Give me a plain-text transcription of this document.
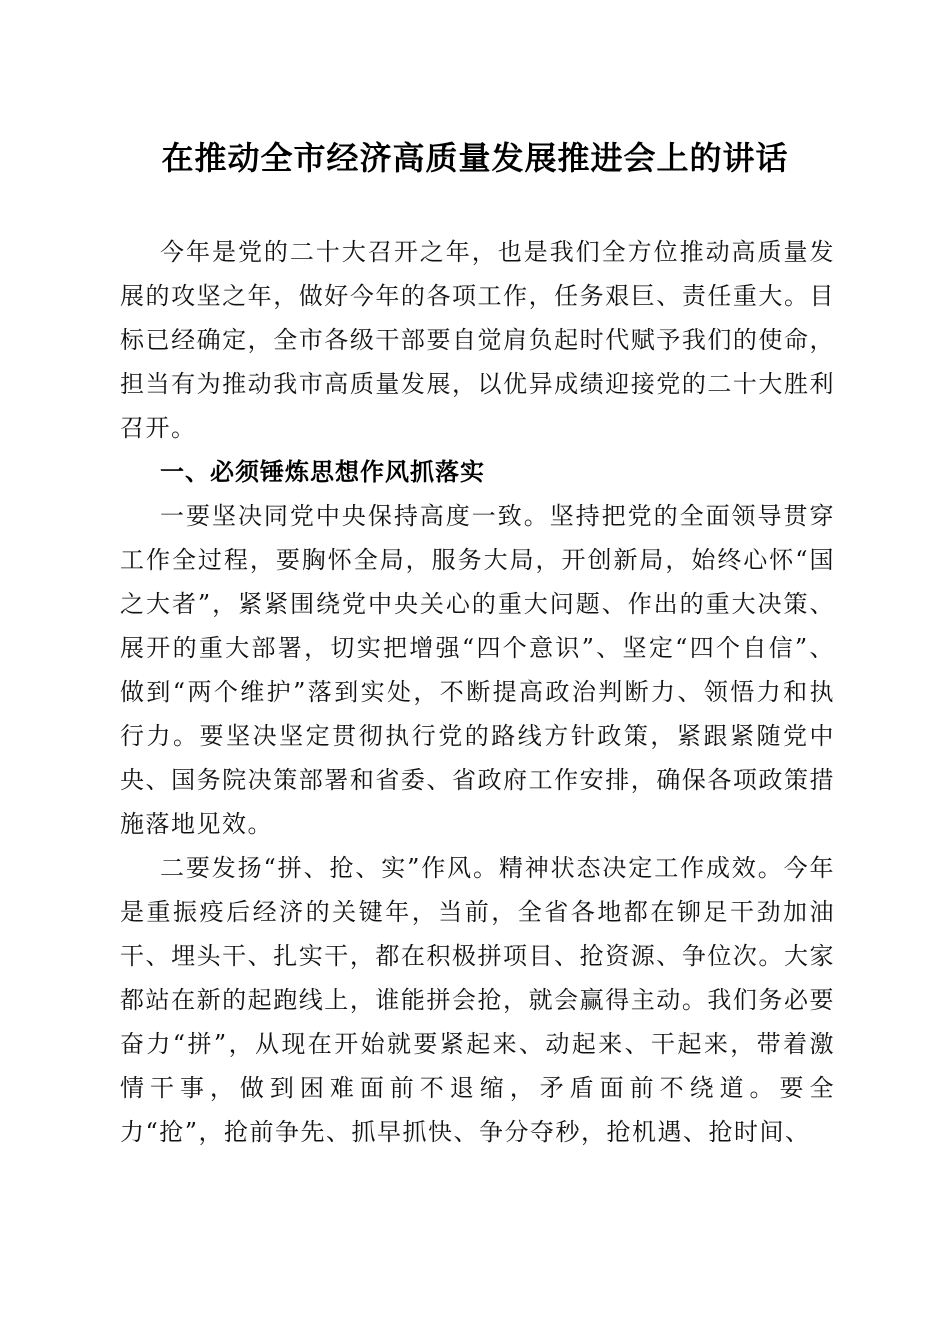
在推动全市经济高质量发展推进会上的讲话

今年是党的二十大召开之年，也是我们全方位推动高质量发展的攻坚之年，做好今年的各项工作，任务艰巨、责任重大。目标已经确定，全市各级干部要自觉肩负起时代赋予我们的使命，担当有为推动我市高质量发展，以优异成绩迎接党的二十大胜利召开。

一、必须锤炼思想作风抓落实

一要坚决同党中央保持高度一致。坚持把党的全面领导贯穿工作全过程，要胸怀全局，服务大局，开创新局，始终心怀“国之大者”，紧紧围绕党中央关心的重大问题、作出的重大决策、展开的重大部署，切实把增强“四个意识”、坚定“四个自信”、做到“两个维护”落到实处，不断提高政治判断力、领悟力和执行力。要坚决坚定贯彻执行党的路线方针政策，紧跟紧随党中央、国务院决策部署和省委、省政府工作安排，确保各项政策措施落地见效。

二要发扬“拼、抢、实”作风。精神状态决定工作成效。今年是重振疫后经济的关键年，当前，全省各地都在铆足干劲加油干、埋头干、扎实干，都在积极拼项目、抢资源、争位次。大家都站在新的起跑线上，谁能拼会抢，就会赢得主动。我们务必要奋力“拼”，从现在开始就要紧起来、动起来、干起来，带着激情干事，做到困难面前不退缩，矛盾面前不绕道。要全力“抢”，抢前争先、抓早抓快、争分夺秒，抢机遇、抢时间、
